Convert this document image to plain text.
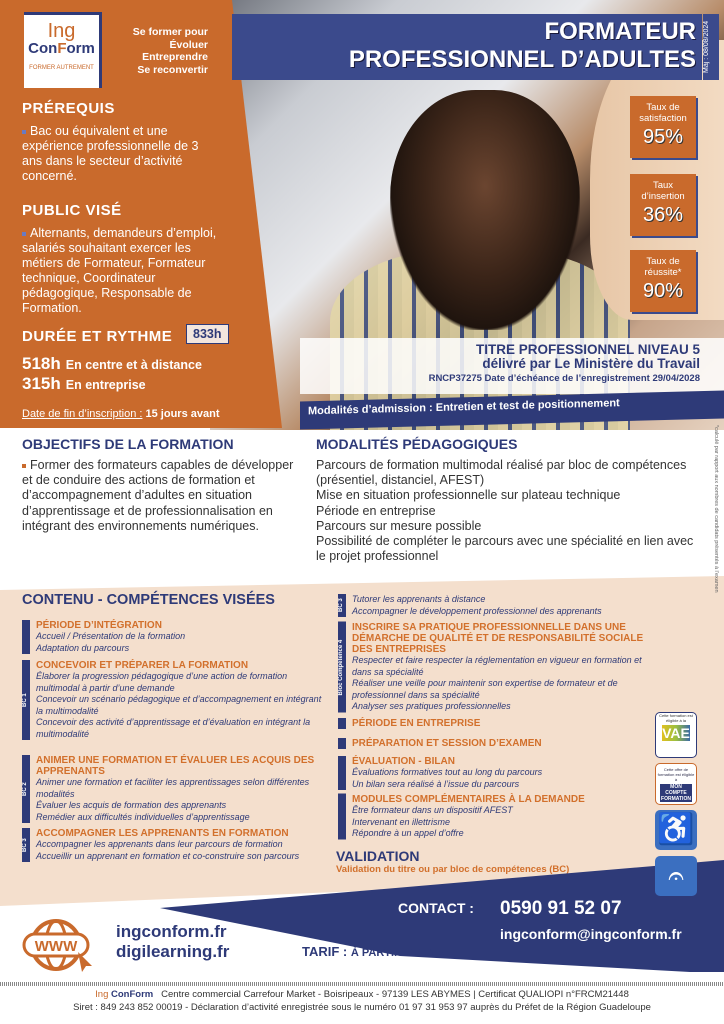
Ing
ConForm
FORMER AUTREMENT
Se former pour
Évoluer
Entreprendre
Se reconvertir
PRÉREQUIS
Bac ou équivalent et une expérience professionnelle de 3 ans dans le secteur d’activité concerné.
PUBLIC VISÉ
Alternants, demandeurs d’emploi, salariés souhaitant exercer les métiers de Formateur, Formateur technique, Coordinateur pédagogique, Responsable de Formation.
DURÉE ET RYTHME	833h
518h En centre et à distance
315h En entreprise
Date de fin d’inscription : 15 jours avant
FORMATEUR
PROFESSIONNEL D’ADULTES Màj : 08/08/2024
Taux de
satisfaction
95%
Taux
d’insertion
36%
Taux de
réussite*
90%
TITRE PROFESSIONNEL NIVEAU 5
délivré par Le Ministère du Travail
RNCP37275 Date d’échéance de l’enregistrement 29/04/2028
Modalités d’admission : Entretien et test de positionnement
OBJECTIFS DE LA FORMATION
Former des formateurs capables de développer et de conduire des actions de formation et d’accompagnement d’adultes en situation d’apprentissage et de professionnalisation en intégrant des environnements numériques.
MODALITÉS PÉDAGOGIQUES
Parcours de formation multimodal réalisé par bloc de compétences (présentiel, distanciel, AFEST)
Mise en situation professionnelle sur plateau technique
Période en entreprise
Parcours sur mesure possible
Possibilité de compléter le parcours avec une spécialité en lien avec le projet professionnel	*calculé par rapport aux nombres de candidats présentés à l’examen
CONTENU - COMPÉTENCES VISÉES
PÉRIODE D’INTÉGRATION
Accueil / Présentation de la formation
Adaptation du parcours
BC 1
CONCEVOIR ET PRÉPARER LA FORMATION
Élaborer la progression pédagogique d’une action de formation multimodal à partir d’une demande
Concevoir un scénario pédagogique et d’accompagnement en intégrant la multimodalité
Concevoir des activité d’apprentissage et d’évaluation en intégrant la multimodalité
BC 2
ANIMER UNE FORMATION ET ÉVALUER LES ACQUIS DES APPRENANTS
Animer une formation et faciliter les apprentissages selon différentes modalités
Évaluer les acquis de formation des apprenants
Remédier aux difficultés individuelles d’apprentissage
BC 3
ACCOMPAGNER LES APPRENANTS EN FORMATION
Accompagner les apprenants dans leur parcours de formation
Accueillir un apprenant en formation et co-construire son parcours
BC 3 Tutorer les apprenants à distance
Accompagner le développement professionnel des apprenants
Bloc Compétence 4
INSCRIRE SA PRATIQUE PROFESSIONNELLE DANS UNE DÉMARCHE DE QUALITÉ ET DE RESPONSABILITÉ SOCIALE DES ENTREPRISES
Respecter et faire respecter la réglementation en vigueur en formation et dans sa spécialité
Réaliser une veille pour maintenir son expertise de formateur et de professionnel dans sa spécialité
Analyser ses pratiques professionnelles
PÉRIODE EN ENTREPRISE
PRÉPARATION ET SESSION D’EXAMEN
ÉVALUATION - BILAN
Évaluations formatives tout au long du parcours
Un bilan sera réalisé à l’issue du parcours
MODULES COMPLÉMENTAIRES À LA DEMANDE
Être formateur dans un dispositif AFEST
Intervenant en illettrisme
Répondre à un appel d’offre
VALIDATION
Validation du titre ou par bloc de compétences (BC)
Cette formation est éligible à la
VAE
Cette offre de formation est éligible à
MON COMPTE FORMATION
♿
𝄐
CONTACT : 0590 91 52 07
ingconform@ingconform.fr
WWW
ingconform.fr
digilearning.fr	TARIF : À PARTIR DE 12€/h
Ing ConForm Centre commercial Carrefour Market - Boisripeaux - 97139 LES ABYMES | Certificat QUALIOPI n°FRCM21448
Siret : 849 243 852 00019 - Déclaration d’activité enregistrée sous le numéro 01 97 31 953 97 auprès du Préfet de la Région Guadeloupe
